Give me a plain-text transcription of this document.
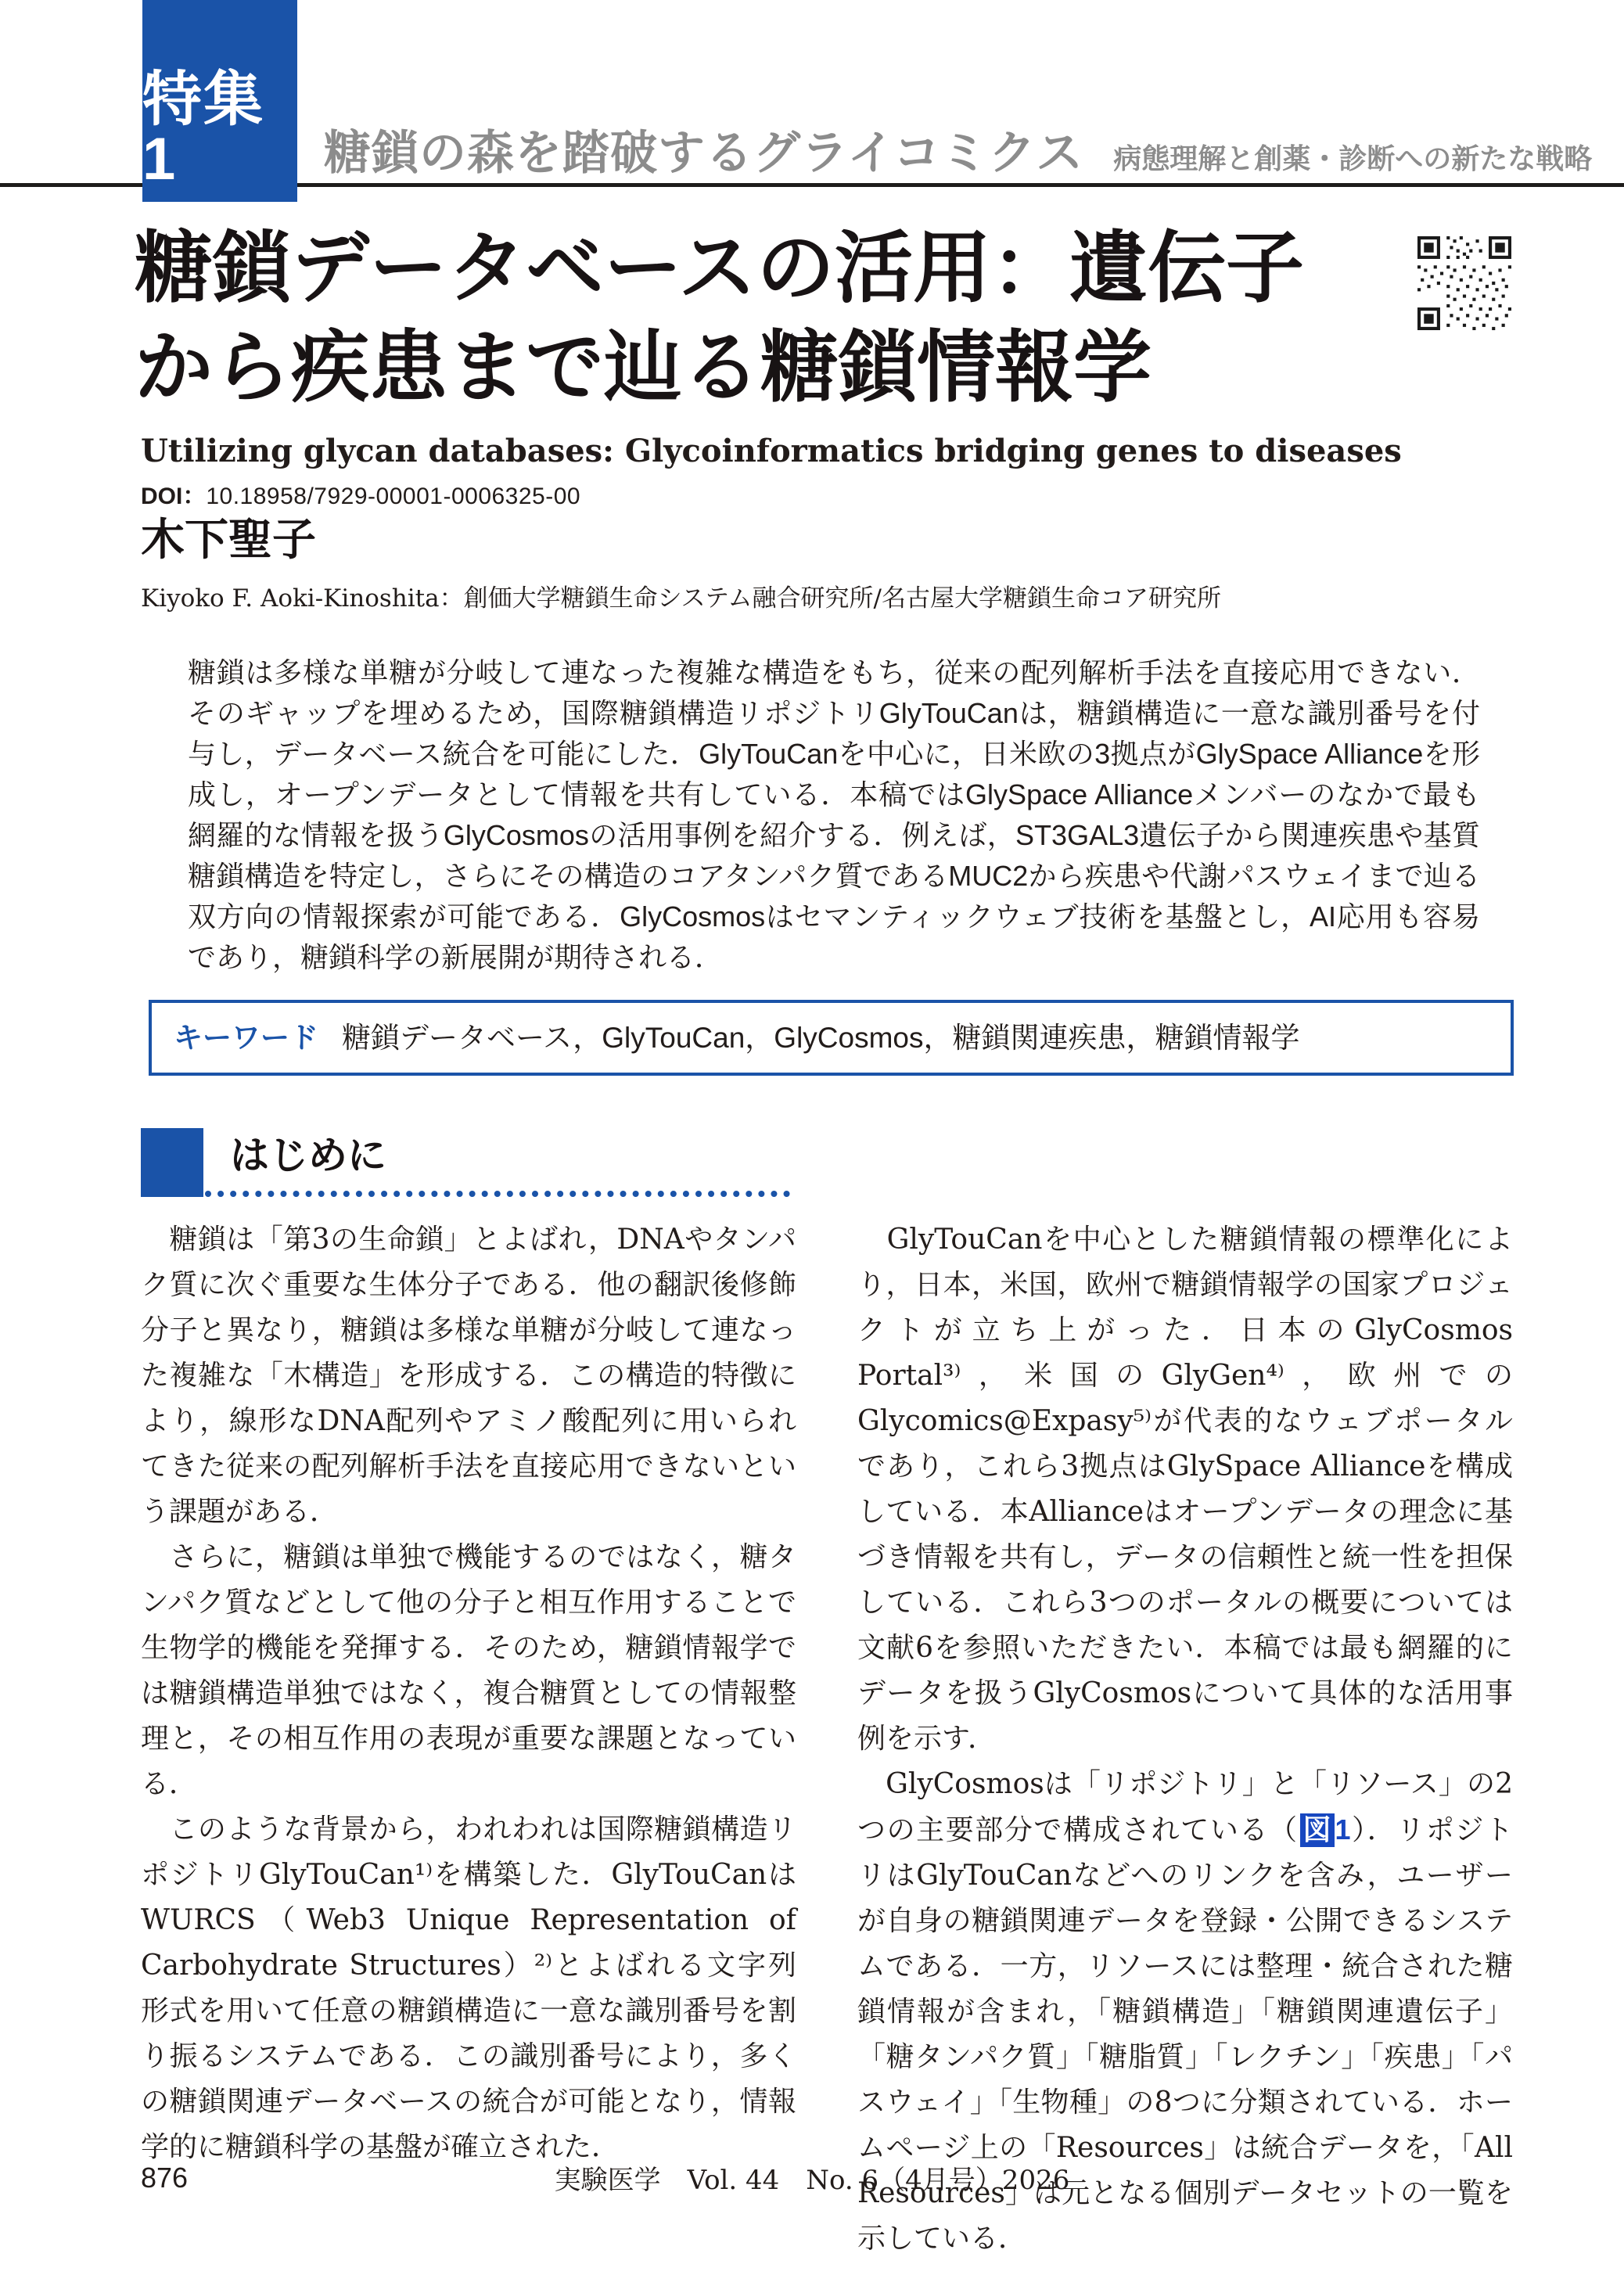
特集1	糖鎖の森を踏破するグライコミクス 病態理解と創薬・診断への新たな戦略
糖鎖データベースの活用：遺伝子
から疾患まで辿る糖鎖情報学
Utilizing glycan databases: Glycoinformatics bridging genes to diseases
DOI：10.18958/7929-00001-0006325-00
木下聖子
Kiyoko F. Aoki-Kinoshita：創価大学糖鎖生命システム融合研究所/名古屋大学糖鎖生命コア研究所
糖鎖は多様な単糖が分岐して連なった複雑な構造をもち，従来の配列解析手法を直接応用できない．そのギャップを埋めるため，国際糖鎖構造リポジトリGlyTouCanは，糖鎖構造に一意な識別番号を付与し，データベース統合を可能にした．GlyTouCanを中心に，日米欧の3拠点がGlySpace Allianceを形成し，オープンデータとして情報を共有している．本稿ではGlySpace Allianceメンバーのなかで最も網羅的な情報を扱うGlyCosmosの活用事例を紹介する．例えば，ST3GAL3遺伝子から関連疾患や基質糖鎖構造を特定し，さらにその構造のコアタンパク質であるMUC2から疾患や代謝パスウェイまで辿る双方向の情報探索が可能である．GlyCosmosはセマンティックウェブ技術を基盤とし，AI応用も容易であり，糖鎖科学の新展開が期待される．
キーワード 糖鎖データベース，GlyTouCan，GlyCosmos，糖鎖関連疾患，糖鎖情報学
はじめに

　糖鎖は「第3の生命鎖」とよばれ，DNAやタンパク質に次ぐ重要な生体分子である．他の翻訳後修飾分子と異なり，糖鎖は多様な単糖が分岐して連なった複雑な「木構造」を形成する．この構造的特徴により，線形なDNA配列やアミノ酸配列に用いられてきた従来の配列解析手法を直接応用できないという課題がある．

　さらに，糖鎖は単独で機能するのではなく，糖タンパク質などとして他の分子と相互作用することで生物学的機能を発揮する．そのため，糖鎖情報学では糖鎖構造単独ではなく，複合糖質としての情報整理と，その相互作用の表現が重要な課題となっている．

　このような背景から，われわれは国際糖鎖構造リポジトリGlyTouCan¹⁾を構築した．GlyTouCanはWURCS（Web3 Unique Representation of Carbohydrate Structures）²⁾とよばれる文字列形式を用いて任意の糖鎖構造に一意な識別番号を割り振るシステムである．この識別番号により，多くの糖鎖関連データベースの統合が可能となり，情報学的に糖鎖科学の基盤が確立された．

　GlyTouCanを中心とした糖鎖情報の標準化により，日本，米国，欧州で糖鎖情報学の国家プロジェクトが立ち上がった．日本のGlyCosmos Portal³⁾，米国のGlyGen⁴⁾，欧州でのGlycomics@Expasy⁵⁾が代表的なウェブポータルであり，これら3拠点はGlySpace Allianceを構成している．本Allianceはオープンデータの理念に基づき情報を共有し，データの信頼性と統一性を担保している．これら3つのポータルの概要については文献6を参照いただきたい．本稿では最も網羅的にデータを扱うGlyCosmosについて具体的な活用事例を示す．

　GlyCosmosは「リポジトリ」と「リソース」の2つの主要部分で構成されている（ 図 1）．リポジトリはGlyTouCanなどへのリンクを含み，ユーザーが自身の糖鎖関連データを登録・公開できるシステムである．一方，リソースには整理・統合された糖鎖情報が含まれ，「糖鎖構造」「糖鎖関連遺伝子」「糖タンパク質」「糖脂質」「レクチン」「疾患」「パスウェイ」「生物種」の8つに分類されている．ホームページ上の「Resources」は統合データを，「All Resources」は元となる個別データセットの一覧を示している．

876	実験医学　Vol. 44　No. 6（4月号）2026
